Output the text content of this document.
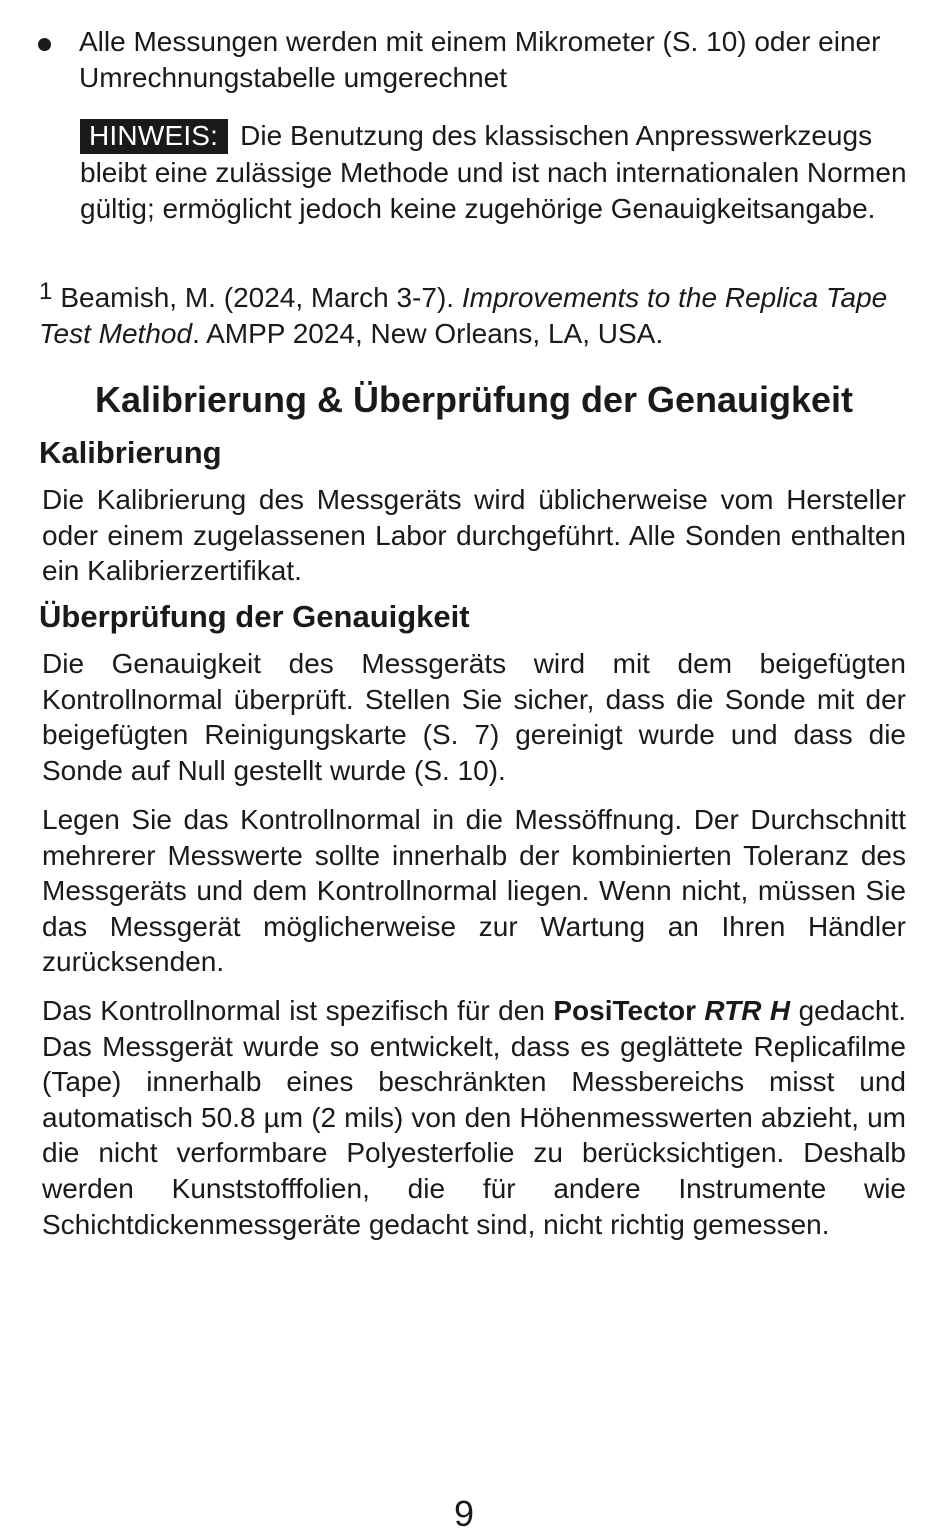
Alle Messungen werden mit einem Mikrometer (S. 10) oder einer Umrechnungstabelle umgerechnet
HINWEIS: Die Benutzung des klassischen Anpresswerkzeugs bleibt eine zulässige Methode und ist nach internationalen Normen gültig; ermöglicht jedoch keine zugehörige Genauigkeitsangabe.
$^1$ Beamish, M. (2024, March 3-7). Improvements to the Replica Tape Test Method. AMPP 2024, New Orleans, LA, USA.
Kalibrierung & Überprüfung der Genauigkeit
Kalibrierung

Die Kalibrierung des Messgeräts wird üblicherweise vom Hersteller oder einem zugelassenen Labor durchgeführt. Alle Sonden enthalten ein Kalibrierzertifikat.

Überprüfung der Genauigkeit

Die Genauigkeit des Messgeräts wird mit dem beigefügten Kontrollnormal überprüft. Stellen Sie sicher, dass die Sonde mit der beigefügten Reinigungskarte (S. 7) gereinigt wurde und dass die Sonde auf Null gestellt wurde (S. 10).

Legen Sie das Kontrollnormal in die Messöffnung. Der Durchschnitt mehrerer Messwerte sollte innerhalb der kombinierten Toleranz des Messgeräts und dem Kontrollnormal liegen. Wenn nicht, müssen Sie das Messgerät möglicherweise zur Wartung an Ihren Händler zurücksenden.

Das Kontrollnormal ist spezifisch für den PosiTector RTR H gedacht. Das Messgerät wurde so entwickelt, dass es geglättete Replicafilme (Tape) innerhalb eines beschränkten Messbereichs misst und automatisch 50.8 µm (2 mils) von den Höhenmesswerten abzieht, um die nicht verformbare Polyesterfolie zu berücksichtigen. Deshalb werden Kunststofffolien, die für andere Instrumente wie Schichtdickenmessgeräte gedacht sind, nicht richtig gemessen.

9
